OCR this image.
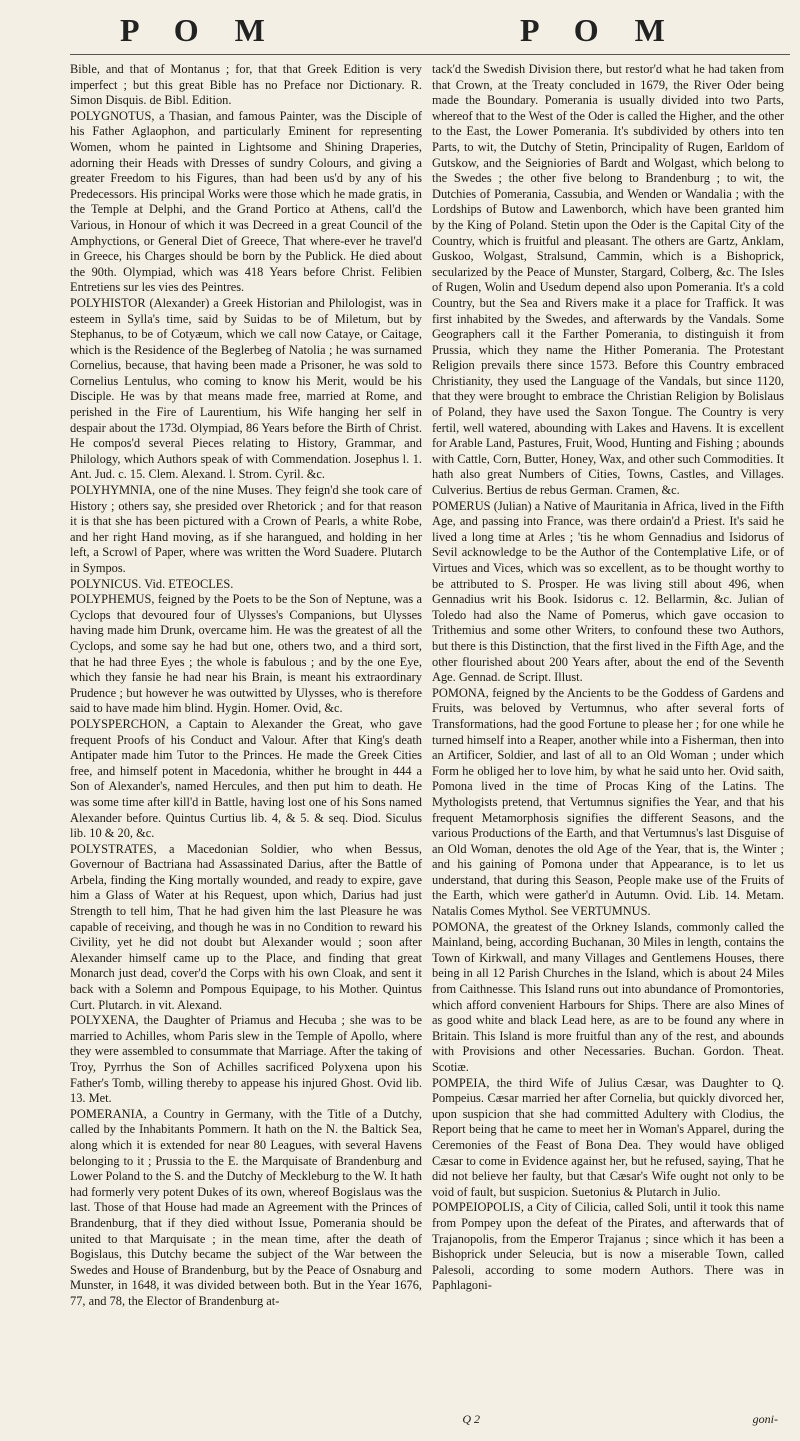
P O M	P O M

Bible, and that of Montanus ; for, that that Greek Edition is very imperfect ; but this great Bible has no Preface nor Dictionary. R. Simon Disquis. de Bibl. Edition.

POLYGNOTUS, a Thasian, and famous Painter, was the Disciple of his Father Aglaophon, and particularly Eminent for representing Women, whom he painted in Lightsome and Shining Draperies, adorning their Heads with Dresses of sundry Colours, and giving a greater Freedom to his Figures, than had been us'd by any of his Predecessors. His principal Works were those which he made gratis, in the Temple at Delphi, and the Grand Portico at Athens, call'd the Various, in Honour of which it was Decreed in a great Council of the Amphyctions, or General Diet of Greece, That where-ever he travel'd in Greece, his Charges should be born by the Publick. He died about the 90th. Olympiad, which was 418 Years before Christ. Felibien Entretiens sur les vies des Peintres.

POLYHISTOR (Alexander) a Greek Historian and Philologist, was in esteem in Sylla's time, said by Suidas to be of Miletum, but by Stephanus, to be of Cotyæum, which we call now Cataye, or Caitage, which is the Residence of the Beglerbeg of Natolia ; he was surnamed Cornelius, because, that having been made a Prisoner, he was sold to Cornelius Lentulus, who coming to know his Merit, would be his Disciple. He was by that means made free, married at Rome, and perished in the Fire of Laurentium, his Wife hanging her self in despair about the 173d. Olympiad, 86 Years before the Birth of Christ. He compos'd several Pieces relating to History, Grammar, and Philology, which Authors speak of with Commendation. Josephus l. 1. Ant. Jud. c. 15. Clem. Alexand. l. Strom. Cyril. &c.

POLYHYMNIA, one of the nine Muses. They feign'd she took care of History ; others say, she presided over Rhetorick ; and for that reason it is that she has been pictured with a Crown of Pearls, a white Robe, and her right Hand moving, as if she harangued, and holding in her left, a Scrowl of Paper, where was written the Word Suadere. Plutarch in Sympos.

POLYNICUS. Vid. ETEOCLES.

POLYPHEMUS, feigned by the Poets to be the Son of Neptune, was a Cyclops that devoured four of Ulysses's Companions, but Ulysses having made him Drunk, overcame him. He was the greatest of all the Cyclops, and some say he had but one, others two, and a third sort, that he had three Eyes ; the whole is fabulous ; and by the one Eye, which they fansie he had near his Brain, is meant his extraordinary Prudence ; but however he was outwitted by Ulysses, who is therefore said to have made him blind. Hygin. Homer. Ovid, &c.

POLYSPERCHON, a Captain to Alexander the Great, who gave frequent Proofs of his Conduct and Valour. After that King's death Antipater made him Tutor to the Princes. He made the Greek Cities free, and himself potent in Macedonia, whither he brought in 444 a Son of Alexander's, named Hercules, and then put him to death. He was some time after kill'd in Battle, having lost one of his Sons named Alexander before. Quintus Curtius lib. 4, & 5. & seq. Diod. Siculus lib. 10 & 20, &c.

POLYSTRATES, a Macedonian Soldier, who when Bessus, Governour of Bactriana had Assassinated Darius, after the Battle of Arbela, finding the King mortally wounded, and ready to expire, gave him a Glass of Water at his Request, upon which, Darius had just Strength to tell him, That he had given him the last Pleasure he was capable of receiving, and though he was in no Condition to reward his Civility, yet he did not doubt but Alexander would ; soon after Alexander himself came up to the Place, and finding that great Monarch just dead, cover'd the Corps with his own Cloak, and sent it back with a Solemn and Pompous Equipage, to his Mother. Quintus Curt. Plutarch. in vit. Alexand.

POLYXENA, the Daughter of Priamus and Hecuba ; she was to be married to Achilles, whom Paris slew in the Temple of Apollo, where they were assembled to consummate that Marriage. After the taking of Troy, Pyrrhus the Son of Achilles sacrificed Polyxena upon his Father's Tomb, willing thereby to appease his injured Ghost. Ovid lib. 13. Met.

POMERANIA, a Country in Germany, with the Title of a Dutchy, called by the Inhabitants Pommern. It hath on the N. the Baltick Sea, along which it is extended for near 80 Leagues, with several Havens belonging to it ; Prussia to the E. the Marquisate of Brandenburg and Lower Poland to the S. and the Dutchy of Meckleburg to the W. It hath had formerly very potent Dukes of its own, whereof Bogislaus was the last. Those of that House had made an Agreement with the Princes of Brandenburg, that if they died without Issue, Pomerania should be united to that Marquisate ; in the mean time, after the death of Bogislaus, this Dutchy became the subject of the War between the Swedes and House of Brandenburg, but by the Peace of Osnaburg and Munster, in 1648, it was divided between both. But in the Year 1676, 77, and 78, the Elector of Brandenburg at-

tack'd the Swedish Division there, but restor'd what he had taken from that Crown, at the Treaty concluded in 1679, the River Oder being made the Boundary. Pomerania is usually divided into two Parts, whereof that to the West of the Oder is called the Higher, and the other to the East, the Lower Pomerania. It's subdivided by others into ten Parts, to wit, the Dutchy of Stetin, Principality of Rugen, Earldom of Gutskow, and the Seigniories of Bardt and Wolgast, which belong to the Swedes ; the other five belong to Brandenburg ; to wit, the Dutchies of Pomerania, Cassubia, and Wenden or Wandalia ; with the Lordships of Butow and Lawenborch, which have been granted him by the King of Poland. Stetin upon the Oder is the Capital City of the Country, which is fruitful and pleasant. The others are Gartz, Anklam, Guskoo, Wolgast, Stralsund, Cammin, which is a Bishoprick, secularized by the Peace of Munster, Stargard, Colberg, &c. The Isles of Rugen, Wolin and Usedum depend also upon Pomerania. It's a cold Country, but the Sea and Rivers make it a place for Traffick. It was first inhabited by the Swedes, and afterwards by the Vandals. Some Geographers call it the Farther Pomerania, to distinguish it from Prussia, which they name the Hither Pomerania. The Protestant Religion prevails there since 1573. Before this Country embraced Christianity, they used the Language of the Vandals, but since 1120, that they were brought to embrace the Christian Religion by Bolislaus of Poland, they have used the Saxon Tongue. The Country is very fertil, well watered, abounding with Lakes and Havens. It is excellent for Arable Land, Pastures, Fruit, Wood, Hunting and Fishing ; abounds with Cattle, Corn, Butter, Honey, Wax, and other such Commodities. It hath also great Numbers of Cities, Towns, Castles, and Villages. Culverius. Bertius de rebus German. Cramen, &c.

POMERUS (Julian) a Native of Mauritania in Africa, lived in the Fifth Age, and passing into France, was there ordain'd a Priest. It's said he lived a long time at Arles ; 'tis he whom Gennadius and Isidorus of Sevil acknowledge to be the Author of the Contemplative Life, or of Virtues and Vices, which was so excellent, as to be thought worthy to be attributed to S. Prosper. He was living still about 496, when Gennadius writ his Book. Isidorus c. 12. Bellarmin, &c. Julian of Toledo had also the Name of Pomerus, which gave occasion to Trithemius and some other Writers, to confound these two Authors, but there is this Distinction, that the first lived in the Fifth Age, and the other flourished about 200 Years after, about the end of the Seventh Age. Gennad. de Script. Illust.

POMONA, feigned by the Ancients to be the Goddess of Gardens and Fruits, was beloved by Vertumnus, who after several forts of Transformations, had the good Fortune to please her ; for one while he turned himself into a Reaper, another while into a Fisherman, then into an Artificer, Soldier, and last of all to an Old Woman ; under which Form he obliged her to love him, by what he said unto her. Ovid saith, Pomona lived in the time of Procas King of the Latins. The Mythologists pretend, that Vertumnus signifies the Year, and that his frequent Metamorphosis signifies the different Seasons, and the various Productions of the Earth, and that Vertumnus's last Disguise of an Old Woman, denotes the old Age of the Year, that is, the Winter ; and his gaining of Pomona under that Appearance, is to let us understand, that during this Season, People make use of the Fruits of the Earth, which were gather'd in Autumn. Ovid. Lib. 14. Metam. Natalis Comes Mythol. See VERTUMNUS.

POMONA, the greatest of the Orkney Islands, commonly called the Mainland, being, according Buchanan, 30 Miles in length, contains the Town of Kirkwall, and many Villages and Gentlemens Houses, there being in all 12 Parish Churches in the Island, which is about 24 Miles from Caithnesse. This Island runs out into abundance of Promontories, which afford convenient Harbours for Ships. There are also Mines of as good white and black Lead here, as are to be found any where in Britain. This Island is more fruitful than any of the rest, and abounds with Provisions and other Necessaries. Buchan. Gordon. Theat. Scotiæ.

POMPEIA, the third Wife of Julius Cæsar, was Daughter to Q. Pompeius. Cæsar married her after Cornelia, but quickly divorced her, upon suspicion that she had committed Adultery with Clodius, the Report being that he came to meet her in Woman's Apparel, during the Ceremonies of the Feast of Bona Dea. They would have obliged Cæsar to come in Evidence against her, but he refused, saying, That he did not believe her faulty, but that Cæsar's Wife ought not only to be void of fault, but suspicion. Suetonius & Plutarch in Julio.

POMPEIOPOLIS, a City of Cilicia, called Soli, until it took this name from Pompey upon the defeat of the Pirates, and afterwards that of Trajanopolis, from the Emperor Trajanus ; since which it has been a Bishoprick under Seleucia, but is now a miserable Town, called Palesoli, according to some modern Authors. There was in Paphlagoni-

Q 2	goni-
